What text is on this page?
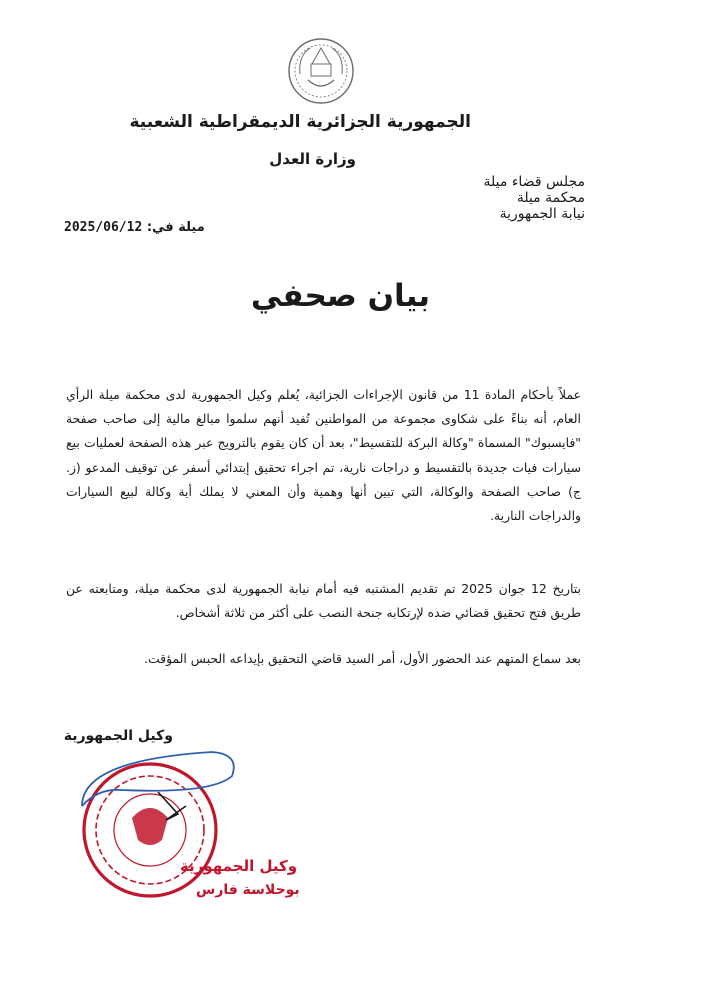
الجمهورية الجزائرية الديمقراطية الشعبية
وزارة العدل
مجلس قضاء ميلة
محكمة ميلة
نيابة الجمهورية
2025/06/12 ميلة في:
بيان صحفي
عملاً بأحكام المادة 11 من قانون الإجراءات الجزائية، يُعلم وكيل الجمهورية لدى محكمة ميلة الرأي العام، أنه بناءً على شكاوى مجموعة من المواطنين تُفيد أنهم سلموا مبالغ مالية إلى صاحب صفحة "فايسبوك" المسماة "وكالة البركة للتقسيط"، بعد أن كان يقوم بالترويج عبر هذه الصفحة لعمليات بيع سيارات فيات جديدة بالتقسيط و دراجات نارية، تم اجراء تحقيق إبتدائي أسفر عن توقيف المدعو (ز. ج) صاحب الصفحة والوكالة، التي تبين أنها وهمية وأن المعني لا يملك أية وكالة لبيع السيارات والدراجات النارية.
بتاريخ 12 جوان 2025 تم تقديم المشتبه فيه أمام نيابة الجمهورية لدى محكمة ميلة، ومتابعته عن طريق فتح تحقيق قضائي ضده لإرتكابه جنحة النصب على أكثر من ثلاثة أشخاص.
بعد سماع المتهم عند الحضور الأول، أمر السيد قاضي التحقيق بإيداعه الحبس المؤقت.
وكيل الجمهورية
وكيل الجمهورية
بوحلاسة فارس
